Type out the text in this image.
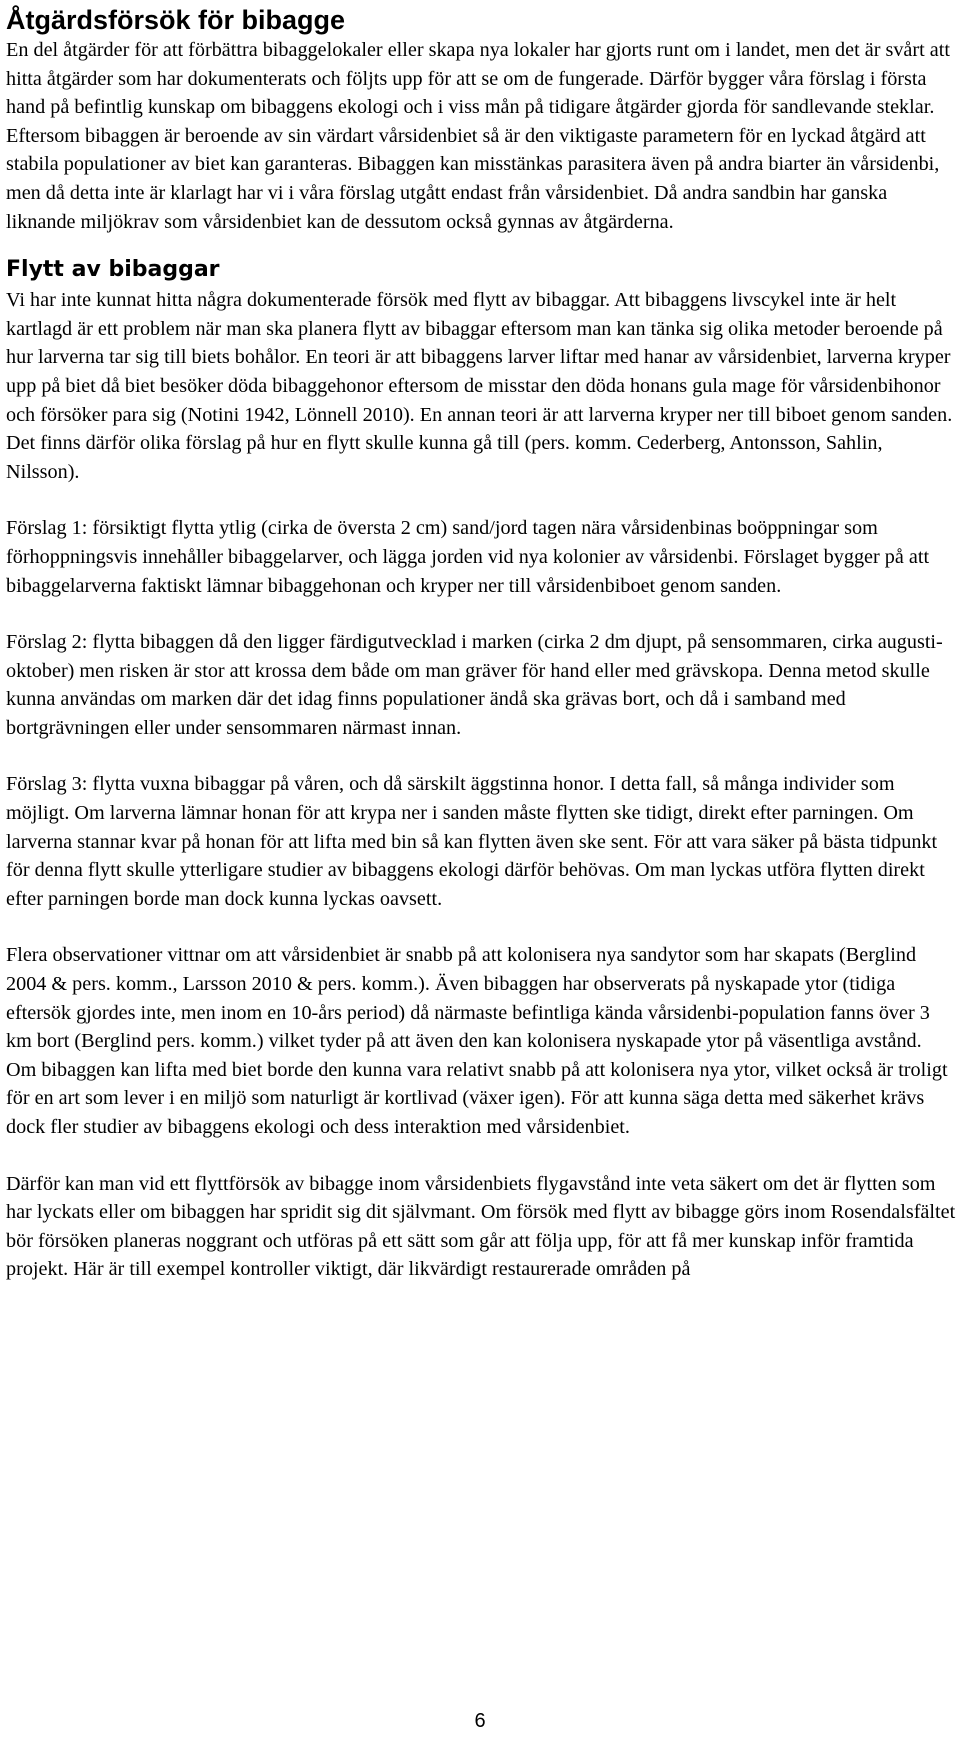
Åtgärdsförsök för bibagge

En del åtgärder för att förbättra bibaggelokaler eller skapa nya lokaler har gjorts runt om i landet, men det är svårt att hitta åtgärder som har dokumenterats och följts upp för att se om de fungerade. Därför bygger våra förslag i första hand på befintlig kunskap om bibaggens ekologi och i viss mån på tidigare åtgärder gjorda för sandlevande steklar. Eftersom bibaggen är beroende av sin värdart vårsidenbiet så är den viktigaste parametern för en lyckad åtgärd att stabila populationer av biet kan garanteras. Bibaggen kan misstänkas parasitera även på andra biarter än vårsidenbi, men då detta inte är klarlagt har vi i våra förslag utgått endast från vårsidenbiet. Då andra sandbin har ganska liknande miljökrav som vårsidenbiet kan de dessutom också gynnas av åtgärderna.

Flytt av bibaggar

Vi har inte kunnat hitta några dokumenterade försök med flytt av bibaggar. Att bibaggens livscykel inte är helt kartlagd är ett problem när man ska planera flytt av bibaggar eftersom man kan tänka sig olika metoder beroende på hur larverna tar sig till biets bohålor. En teori är att bibaggens larver liftar med hanar av vårsidenbiet, larverna kryper upp på biet då biet besöker döda bibaggehonor eftersom de misstar den döda honans gula mage för vårsidenbihonor och försöker para sig (Notini 1942, Lönnell 2010). En annan teori är att larverna kryper ner till biboet genom sanden. Det finns därför olika förslag på hur en flytt skulle kunna gå till (pers. komm. Cederberg, Antonsson, Sahlin, Nilsson).

Förslag 1: försiktigt flytta ytlig (cirka de översta 2 cm) sand/jord tagen nära vårsidenbinas boöppningar som förhoppningsvis innehåller bibaggelarver, och lägga jorden vid nya kolonier av vårsidenbi. Förslaget bygger på att bibaggelarverna faktiskt lämnar bibaggehonan och kryper ner till vårsidenbiboet genom sanden.

Förslag 2: flytta bibaggen då den ligger färdigutvecklad i marken (cirka 2 dm djupt, på sensommaren, cirka augusti-oktober) men risken är stor att krossa dem både om man gräver för hand eller med grävskopa. Denna metod skulle kunna användas om marken där det idag finns populationer ändå ska grävas bort, och då i samband med bortgrävningen eller under sensommaren närmast innan.

Förslag 3: flytta vuxna bibaggar på våren, och då särskilt äggstinna honor. I detta fall, så många individer som möjligt. Om larverna lämnar honan för att krypa ner i sanden måste flytten ske tidigt, direkt efter parningen. Om larverna stannar kvar på honan för att lifta med bin så kan flytten även ske sent. För att vara säker på bästa tidpunkt för denna flytt skulle ytterligare studier av bibaggens ekologi därför behövas. Om man lyckas utföra flytten direkt efter parningen borde man dock kunna lyckas oavsett.

Flera observationer vittnar om att vårsidenbiet är snabb på att kolonisera nya sandytor som har skapats (Berglind 2004 & pers. komm., Larsson 2010 & pers. komm.). Även bibaggen har observerats på nyskapade ytor (tidiga eftersök gjordes inte, men inom en 10-års period) då närmaste befintliga kända vårsidenbi-population fanns över 3 km bort (Berglind pers. komm.) vilket tyder på att även den kan kolonisera nyskapade ytor på väsentliga avstånd. Om bibaggen kan lifta med biet borde den kunna vara relativt snabb på att kolonisera nya ytor, vilket också är troligt för en art som lever i en miljö som naturligt är kortlivad (växer igen). För att kunna säga detta med säkerhet krävs dock fler studier av bibaggens ekologi och dess interaktion med vårsidenbiet.

Därför kan man vid ett flyttförsök av bibagge inom vårsidenbiets flygavstånd inte veta säkert om det är flytten som har lyckats eller om bibaggen har spridit sig dit självmant. Om försök med flytt av bibagge görs inom Rosendalsfältet bör försöken planeras noggrant och utföras på ett sätt som går att följa upp, för att få mer kunskap inför framtida projekt. Här är till exempel kontroller viktigt, där likvärdigt restaurerade områden på

6
